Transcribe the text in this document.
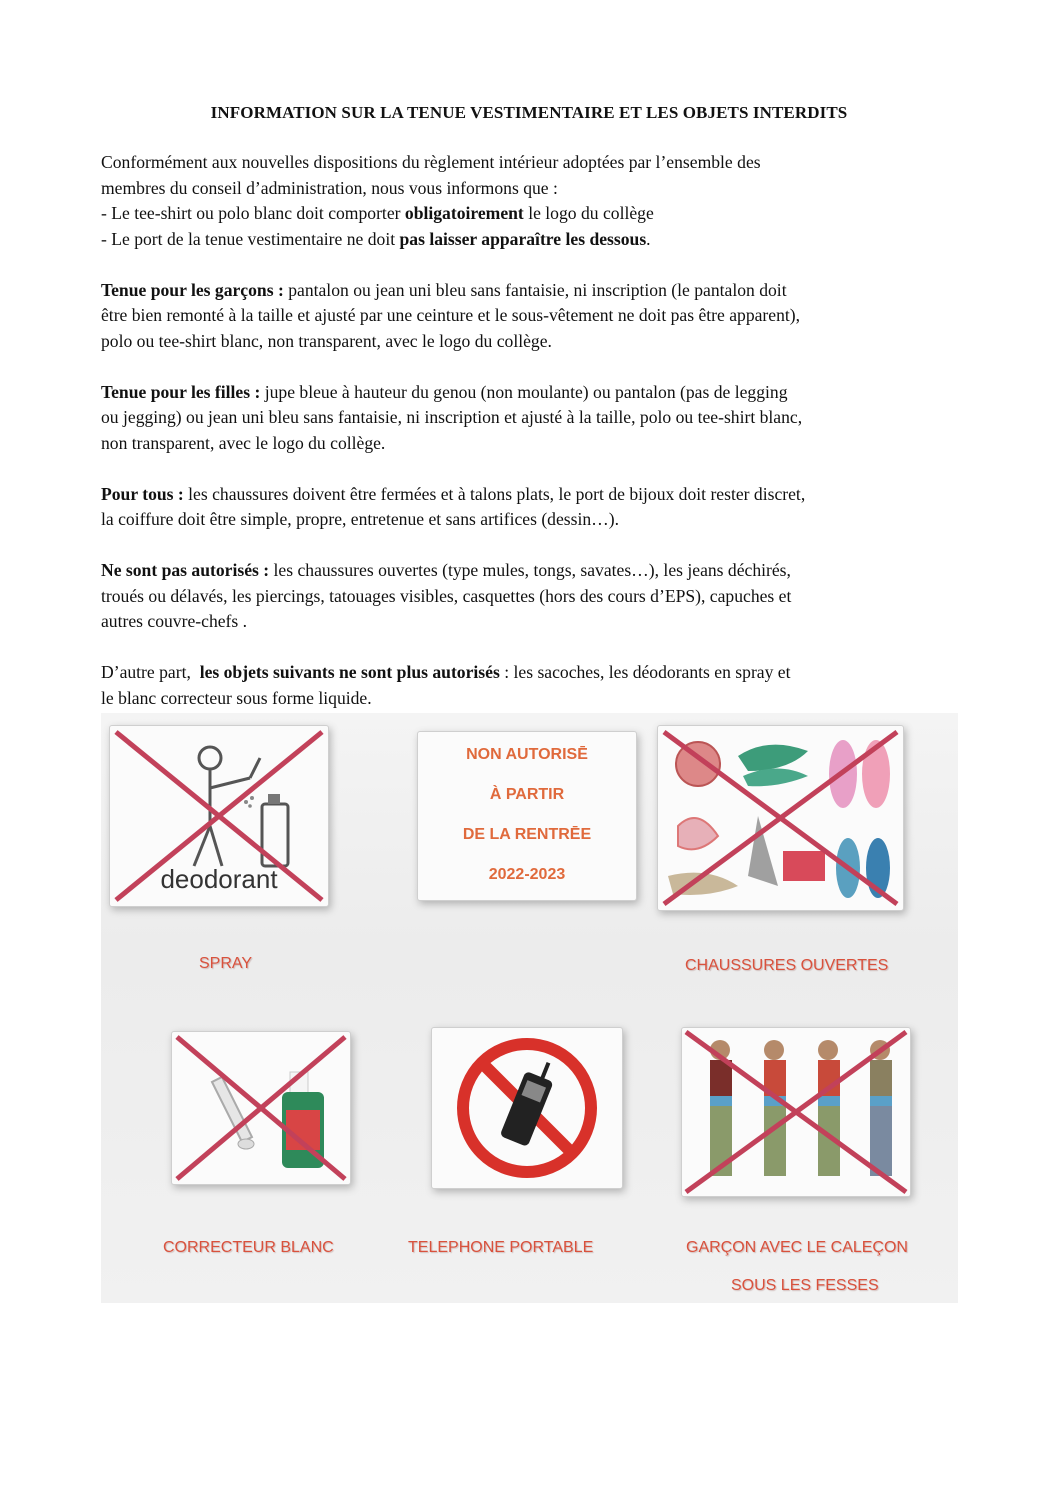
INFORMATION SUR LA TENUE VESTIMENTAIRE ET LES OBJETS INTERDITS

Conformément aux nouvelles dispositions du règlement intérieur adoptées par l’ensemble des
membres du conseil d’administration, nous vous informons que :
- Le tee-shirt ou polo blanc doit comporter obligatoirement le logo du collège
- Le port de la tenue vestimentaire ne doit pas laisser apparaître les dessous.

Tenue pour les garçons : pantalon ou jean uni bleu sans fantaisie, ni inscription (le pantalon doit
être bien remonté à la taille et ajusté par une ceinture et le sous-vêtement ne doit pas être apparent),
polo ou tee-shirt blanc, non transparent, avec le logo du collège.

Tenue pour les filles : jupe bleue à hauteur du genou (non moulante) ou pantalon (pas de legging
ou jegging) ou jean uni bleu sans fantaisie, ni inscription et ajusté à la taille, polo ou tee-shirt blanc,
non transparent, avec le logo du collège.

Pour tous : les chaussures doivent être fermées et à talons plats, le port de bijoux doit rester discret,
la coiffure doit être simple, propre, entretenue et sans artifices (dessin…).

Ne sont pas autorisés : les chaussures ouvertes (type mules, tongs, savates…), les jeans déchirés,
troués ou délavés, les piercings, tatouages visibles, casquettes (hors des cours d’EPS), capuches et
autres couvre-chefs .

D’autre part,  les objets suivants ne sont plus autorisés : les sacoches, les déodorants en spray et
le blanc correcteur sous forme liquide.

deodorant
NON AUTORISĒ
À PARTIR
DE LA RENTRĒE
2022-2023
SPRAY	CHAUSSURES OUVERTES
CORRECTEUR BLANC	TELEPHONE PORTABLE	GARÇON AVEC LE CALEÇON
SOUS LES FESSES
